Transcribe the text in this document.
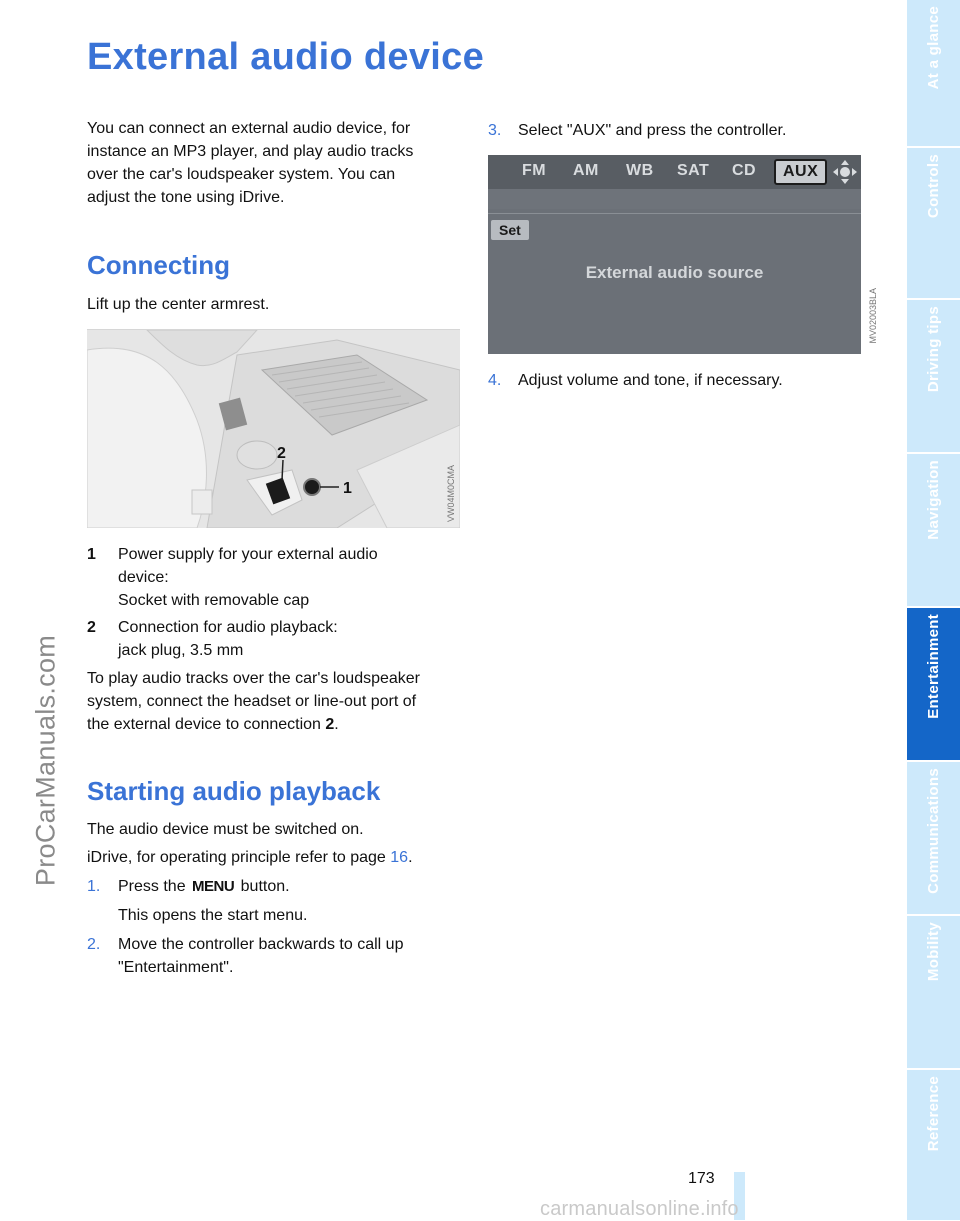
ProCarManuals.com
External audio device
You can connect an external audio device, for
instance an MP3 player, and play audio tracks
over the car's loudspeaker system. You can
adjust the tone using iDrive.
Connecting
Lift up the center armrest.
2
1	VW04M0CMA
1 Power supply for your external audio
device:
Socket with removable cap
2 Connection for audio playback:
jack plug, 3.5 mm
To play audio tracks over the car's loudspeaker
system, connect the headset or line-out port of
the external device to connection 2.
Starting audio playback
The audio device must be switched on.
iDrive, for operating principle refer to page 16.
1. Press the MENU button.
This opens the start menu.
2. Move the controller backwards to call up
"Entertainment".
3. Select "AUX" and press the controller.
FM AM WB SAT CD	AUX
Set
External audio source
MV02003BLA
4. Adjust volume and tone, if necessary.
At a glance
Controls
Driving tips
Navigation
Entertainment
Communications
Mobility
Reference
173
carmanualsonline.info
